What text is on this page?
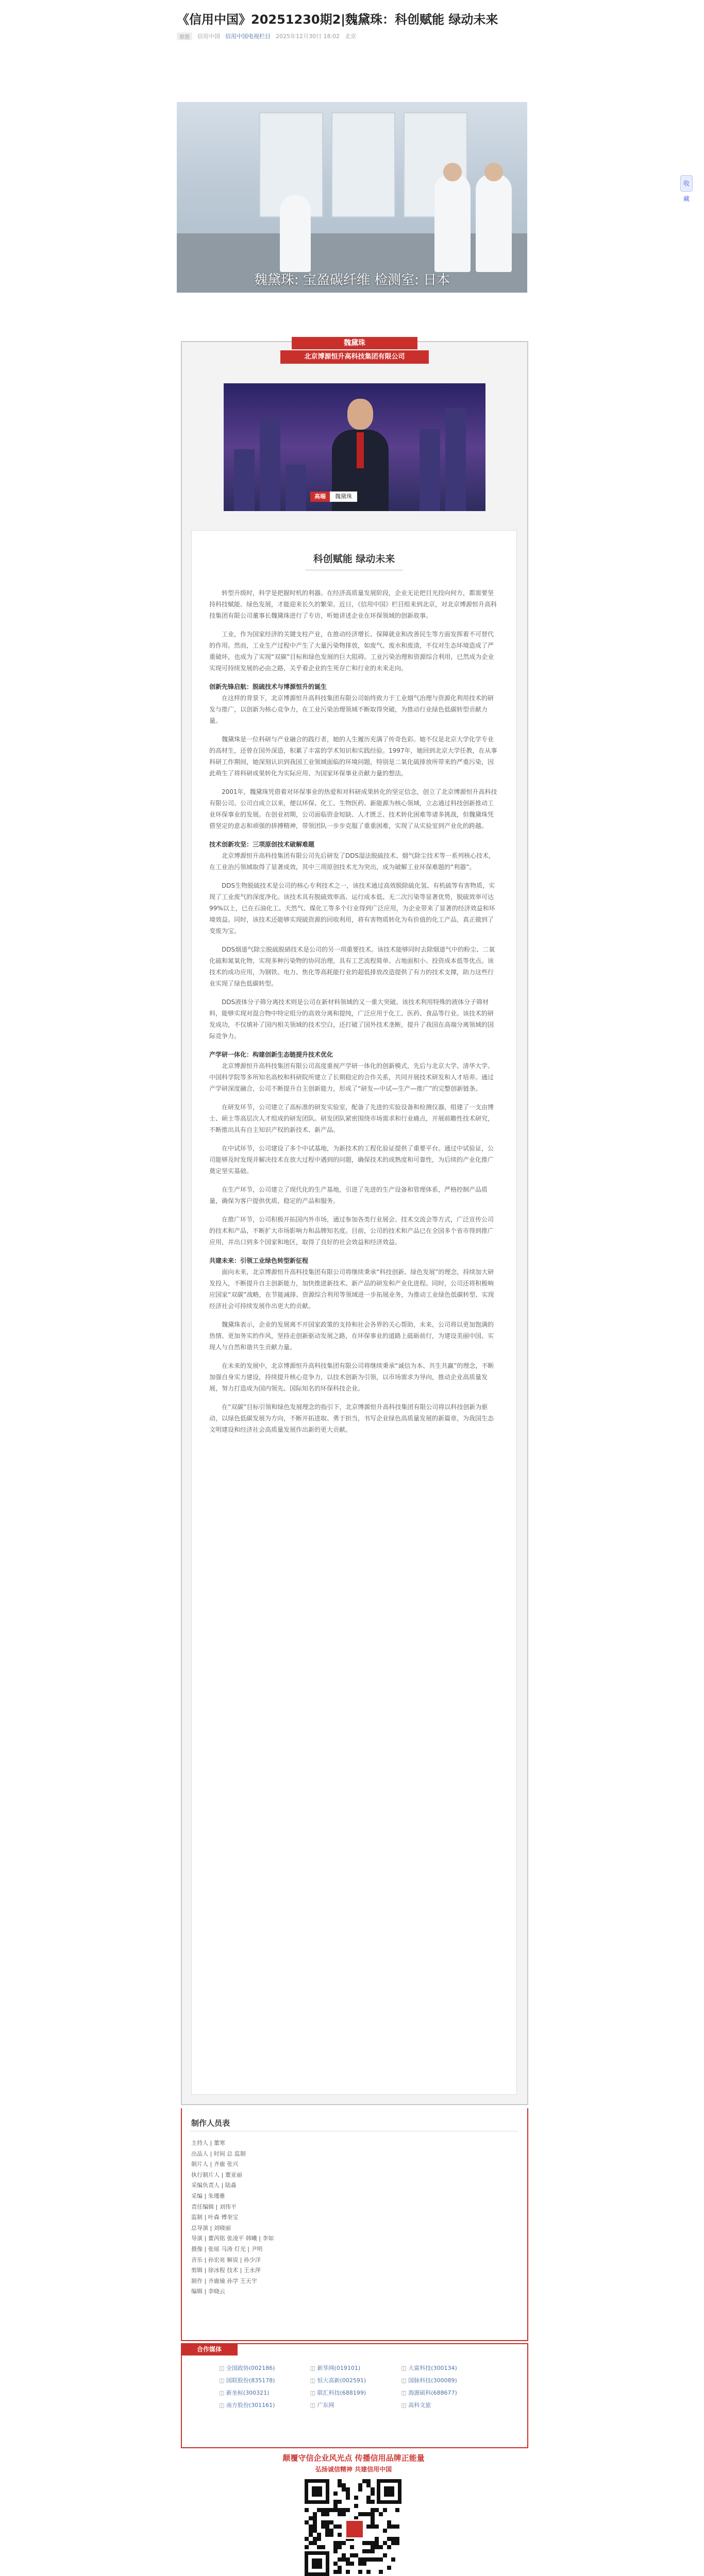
《信用中国》20251230期2|魏黛珠：科创赋能 绿动未来
原创	信用中国 信用中国电视栏目 2025年12月30日 18:02 北京
魏黛珠: 宝盈碳纤维 检测室: 日本
魏黛珠
北京博源恒升高科技集团有限公司
高端	魏黛珠
科创赋能 绿动未来

转型升级时，科学是把握时机的利器。在经济高质量发展阶段，企业无论把目光投向何方，都需要坚持科技赋能、绿色发展，才能迎来长久的繁荣。近日，《信用中国》栏目组来到北京，对北京博源恒升高科技集团有限公司董事长魏黛珠进行了专访，听她讲述企业在环保领域的创新故事。

工业，作为国家经济的关键支柱产业，在推动经济增长、保障就业和改善民生等方面发挥着不可替代的作用。然而，工业生产过程中产生了大量污染物排放，如废气、废水和废渣，不仅对生态环境造成了严重破坏，也成为了实现“双碳”目标和绿色发展的巨大阻碍。工业污染治理和资源综合利用，已然成为企业实现可持续发展的必由之路，关乎着企业的生死存亡和行业的未来走向。

创新先锋启航：脱硫技术与博源恒升的诞生

在这样的背景下，北京博源恒升高科技集团有限公司始终致力于工业烟气治理与资源化利用技术的研发与推广，以创新为核心竞争力，在工业污染治理领域不断取得突破，为推动行业绿色低碳转型贡献力量。

魏黛珠是一位科研与产业融合的践行者，她的人生履历充满了传奇色彩。她不仅是北京大学化学专业的高材生，还曾在国外深造，积累了丰富的学术知识和实践经验。1997年，她回到北京大学任教，在从事科研工作期间，她深刻认识到我国工业领域面临的环境问题，特别是二氧化硫排放所带来的严重污染，因此萌生了将科研成果转化为实际应用、为国家环保事业贡献力量的想法。

2001年，魏黛珠凭借着对环保事业的热爱和对科研成果转化的坚定信念，创立了北京博源恒升高科技有限公司。公司自成立以来，便以环保、化工、生物医药、新能源为核心领域，立志通过科技创新推动工业环保事业的发展。在创业初期，公司面临资金短缺、人才匮乏、技术转化困难等诸多挑战，但魏黛珠凭借坚定的意志和顽强的拼搏精神，带领团队一步步克服了重重困难，实现了从实验室到产业化的跨越。

技术创新攻坚：三项原创技术破解难题

北京博源恒升高科技集团有限公司先后研发了DDS湿法脱硫技术、烟气除尘技术等一系列核心技术，在工业治污领域取得了显著成效，其中三项原创技术尤为突出，成为破解工业环保难题的“利器”。

DDS生物脱硫技术是公司的核心专利技术之一，该技术通过高效脱除硫化氢、有机硫等有害物质，实现了工业废气的深度净化。该技术具有脱硫效率高、运行成本低、无二次污染等显著优势，脱硫效率可达99%以上，已在石油化工、天然气、煤化工等多个行业得到广泛应用，为企业带来了显著的经济效益和环境效益。同时，该技术还能够实现硫资源的回收利用，将有害物质转化为有价值的化工产品，真正做到了变废为宝。

DDS烟道气除尘脱硫脱硝技术是公司的另一项重要技术。该技术能够同时去除烟道气中的粉尘、二氧化硫和氮氧化物，实现多种污染物的协同治理，具有工艺流程简单、占地面积小、投资成本低等优点。该技术的成功应用，为钢铁、电力、焦化等高耗能行业的超低排放改造提供了有力的技术支撑，助力这些行业实现了绿色低碳转型。

DDS液体分子筛分离技术则是公司在新材料领域的又一重大突破。该技术利用特殊的液体分子筛材料，能够实现对混合物中特定组分的高效分离和提纯，广泛应用于化工、医药、食品等行业。该技术的研发成功，不仅填补了国内相关领域的技术空白，还打破了国外技术垄断，提升了我国在高端分离领域的国际竞争力。

产学研一体化：构建创新生态链提升技术优化

北京博源恒升高科技集团有限公司高度重视产学研一体化的创新模式，先后与北京大学、清华大学、中国科学院等多所知名高校和科研院所建立了长期稳定的合作关系，共同开展技术研发和人才培养。通过产学研深度融合，公司不断提升自主创新能力，形成了“研发—中试—生产—推广”的完整创新链条。

在研发环节，公司建立了高标准的研发实验室，配备了先进的实验设备和检测仪器，组建了一支由博士、硕士等高层次人才组成的研发团队。研发团队紧密围绕市场需求和行业痛点，开展前瞻性技术研究，不断推出具有自主知识产权的新技术、新产品。

在中试环节，公司建设了多个中试基地，为新技术的工程化验证提供了重要平台。通过中试验证，公司能够及时发现并解决技术在放大过程中遇到的问题，确保技术的成熟度和可靠性，为后续的产业化推广奠定坚实基础。

在生产环节，公司建立了现代化的生产基地，引进了先进的生产设备和管理体系，严格控制产品质量，确保为客户提供优质、稳定的产品和服务。

在推广环节，公司积极开拓国内外市场，通过参加各类行业展会、技术交流会等方式，广泛宣传公司的技术和产品，不断扩大市场影响力和品牌知名度。目前，公司的技术和产品已在全国多个省市得到推广应用，并出口到多个国家和地区，取得了良好的社会效益和经济效益。

共建未来：引领工业绿色转型新征程

面向未来，北京博源恒升高科技集团有限公司将继续秉承“科技创新、绿色发展”的理念，持续加大研发投入，不断提升自主创新能力，加快推进新技术、新产品的研发和产业化进程。同时，公司还将积极响应国家“双碳”战略，在节能减排、资源综合利用等领域进一步拓展业务，为推动工业绿色低碳转型、实现经济社会可持续发展作出更大的贡献。

魏黛珠表示，企业的发展离不开国家政策的支持和社会各界的关心帮助，未来，公司将以更加饱满的热情、更加务实的作风，坚持走创新驱动发展之路，在环保事业的道路上砥砺前行，为建设美丽中国、实现人与自然和谐共生贡献力量。

在未来的发展中，北京博源恒升高科技集团有限公司将继续秉承“诚信为本、共生共赢”的理念，不断加强自身实力建设，持续提升核心竞争力，以技术创新为引领，以市场需求为导向，推动企业高质量发展，努力打造成为国内领先、国际知名的环保科技企业。

在“双碳”目标引领和绿色发展理念的指引下，北京博源恒升高科技集团有限公司将以科技创新为驱动，以绿色低碳发展为方向，不断开拓进取、勇于担当，书写企业绿色高质量发展的新篇章，为我国生态文明建设和经济社会高质量发展作出新的更大贡献。

制作人员表
主持人 | 董寒
出品人 | 时间 总 监制
制片人 | 齐鹿 张兴
执行制片人 | 董亚丽
采编负责人 | 陆淼
采编 | 朱瑾雅
责任编辑 | 刘伟平
监制 | 叶森 傅奎宝
总导演 | 刘晓丽
导演 | 董芮铭 张凌平 韩曦 | 李如
摄像 | 张瑶 马涛 灯光 | 尹明
音乐 | 孙宏亮 解说 | 孙少洋
剪辑 | 徐冰程 技术 | 王永萍
制作 | 齐鹿瑜 孙学 王天宇
编辑 | 李晓云
合作媒体
◫ 全国政协(002186)	◫ 新华网(019101)	◫ 大富科技(300134)
◫ 国联股份(835178)	◫ 恒大高新(002591)	◫ 国脉科技(300089)
◫ 新坐标(300321)	◫ 联汇科技(688199)	◫ 海源硕科(688677)
◫ 南方股份(301161)	◫ 广东网	◫ 高科文旅
颠覆守信企业风光点 传播信用品牌正能量
弘扬诚信精神 共建信用中国
收藏
